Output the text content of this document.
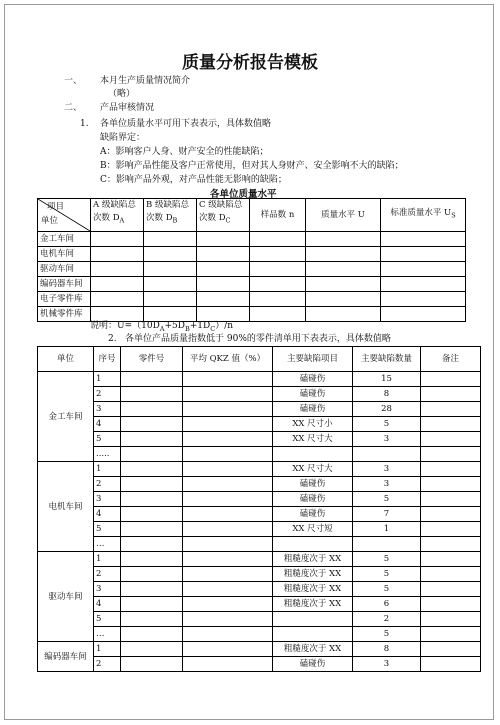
质量分析报告模板
一、 本月生产质量情况简介
（略）
二、 产品审核情况
1. 各单位质量水平可用下表表示，具体数值略
缺陷界定：
A：影响客户人身、财产安全的性能缺陷；
B：影响产品性能及客户正常使用，但对其人身财产、安全影响不大的缺陷；
C：影响产品外观，对产品性能无影响的缺陷；
各单位质量水平
项目
单位	A 级缺陷总次数 $D_A$	B 级缺陷总次数 $D_B$	C 级缺陷总次数 $D_C$	样品数 n	质量水平 U	标准质量水平 $U_S$
金工车间						
电机车间						
驱动车间						
编码器车间						
电子零件库						
机械零件库						
说明：$U=(10D_A+5D_B+1D_C)/n$
2. 各单位产品质量指数低于 90%的零件清单用下表表示，具体数值略
单位	序号	零件号	平均 QKZ 值（%）	主要缺陷项目	主要缺陷数量	备注
金工车间	1			磕碰伤	15	
	2			磕碰伤	8	
	3			磕碰伤	28	
	4			XX 尺寸小	5	
	5			XX 尺寸大	3	
	.....					
电机车间	1			XX 尺寸大	3	
	2			磕碰伤	3	
	3			磕碰伤	5	
	4			磕碰伤	7	
	5			XX 尺寸短	1	
	…					
驱动车间	1			粗糙度次于 XX	5	
	2			粗糙度次于 XX	5	
	3			粗糙度次于 XX	5	
	4			粗糙度次于 XX	6	
	5				2	
	…				5	
编码器车间	1			粗糙度次于 XX	8	
	2			磕碰伤	3	
